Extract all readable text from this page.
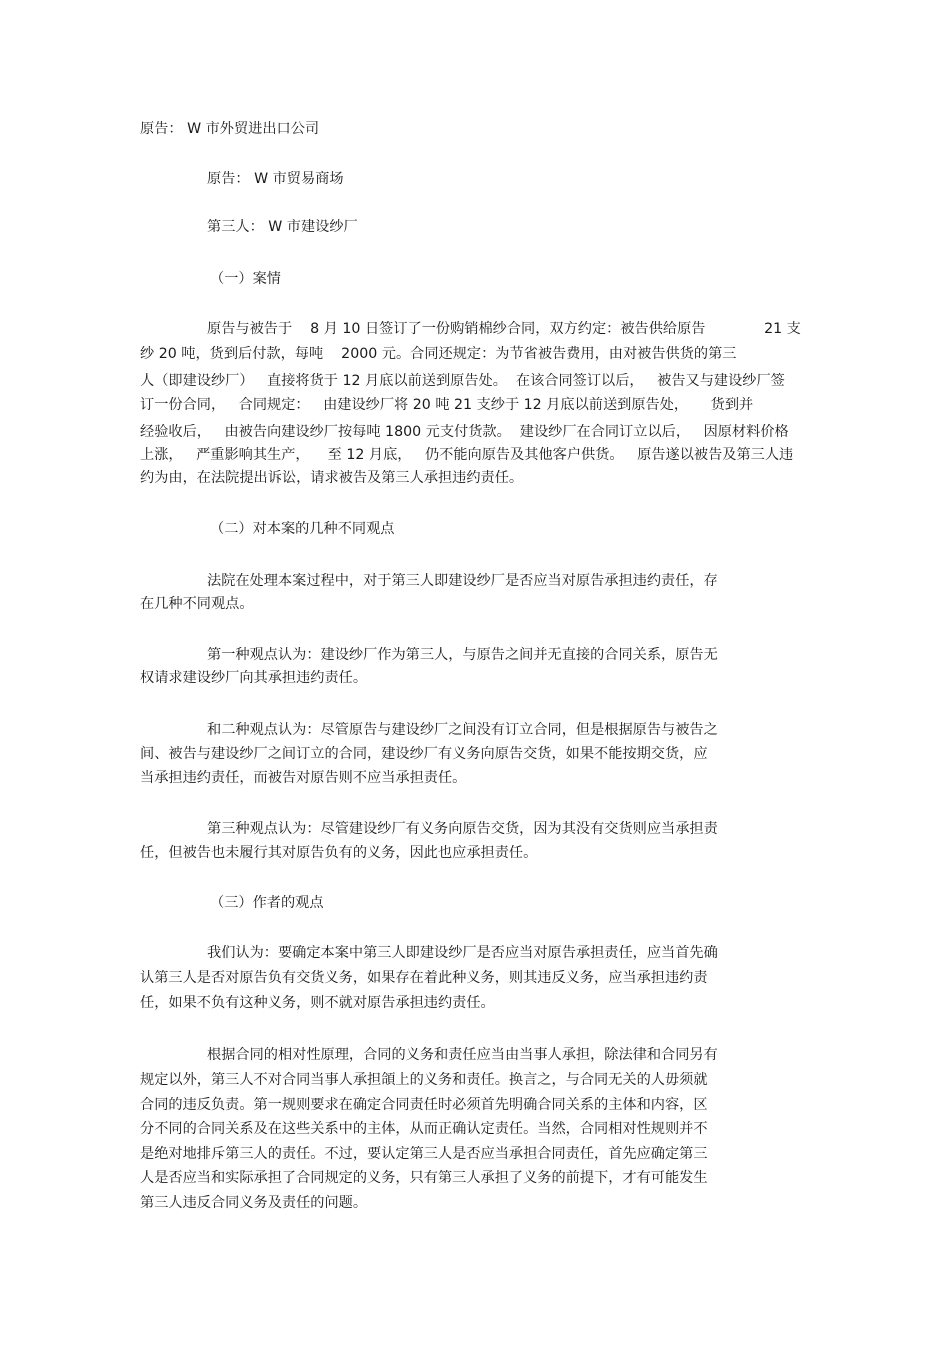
原告： W 市外贸进出口公司
原告： W 市贸易商场
第三人： W 市建设纱厂
（一）案情
原告与被告于    8 月 10 日签订了一份购销棉纱合同，双方约定：被告供给原告             21 支
纱 20 吨，货到后付款，每吨    2000 元。合同还规定：为节省被告费用，由对被告供货的第三
人（即建设纱厂）   直接将货于 12 月底以前送到原告处。  在该合同签订以后，   被告又与建设纱厂签
订一份合同，   合同规定：   由建设纱厂将 20 吨 21 支纱于 12 月底以前送到原告处，     货到并
经验收后，   由被告向建设纱厂按每吨 1800 元支付货款。  建设纱厂在合同订立以后，   因原材料价格
上涨，   严重影响其生产，    至 12 月底，   仍不能向原告及其他客户供货。   原告遂以被告及第三人违
约为由，在法院提出诉讼，请求被告及第三人承担违约责任。
（二）对本案的几种不同观点
法院在处理本案过程中，对于第三人即建设纱厂是否应当对原告承担违约责任，存
在几种不同观点。
第一种观点认为：建设纱厂作为第三人，与原告之间并无直接的合同关系，原告无
权请求建设纱厂向其承担违约责任。
和二种观点认为：尽管原告与建设纱厂之间没有订立合同，但是根据原告与被告之
间、被告与建设纱厂之间订立的合同，建设纱厂有义务向原告交货，如果不能按期交货，应
当承担违约责任，而被告对原告则不应当承担责任。
第三种观点认为：尽管建设纱厂有义务向原告交货，因为其没有交货则应当承担责
任，但被告也未履行其对原告负有的义务，因此也应承担责任。
（三）作者的观点
我们认为：要确定本案中第三人即建设纱厂是否应当对原告承担责任，应当首先确
认第三人是否对原告负有交货义务，如果存在着此种义务，则其违反义务，应当承担违约责
任，如果不负有这种义务，则不就对原告承担违约责任。
根据合同的相对性原理，合同的义务和责任应当由当事人承担，除法律和合同另有
规定以外，第三人不对合同当事人承担頜上的义务和责任。换言之，与合同无关的人毋须就
合同的违反负责。第一规则要求在确定合同责任时必须首先明确合同关系的主体和内容，区
分不同的合同关系及在这些关系中的主体，从而正确认定责任。当然，合同相对性规则并不
是绝对地排斥第三人的责任。不过，要认定第三人是否应当承担合同责任，首先应确定第三
人是否应当和实际承担了合同规定的义务，只有第三人承担了义务的前提下，才有可能发生
第三人违反合同义务及责任的问题。
